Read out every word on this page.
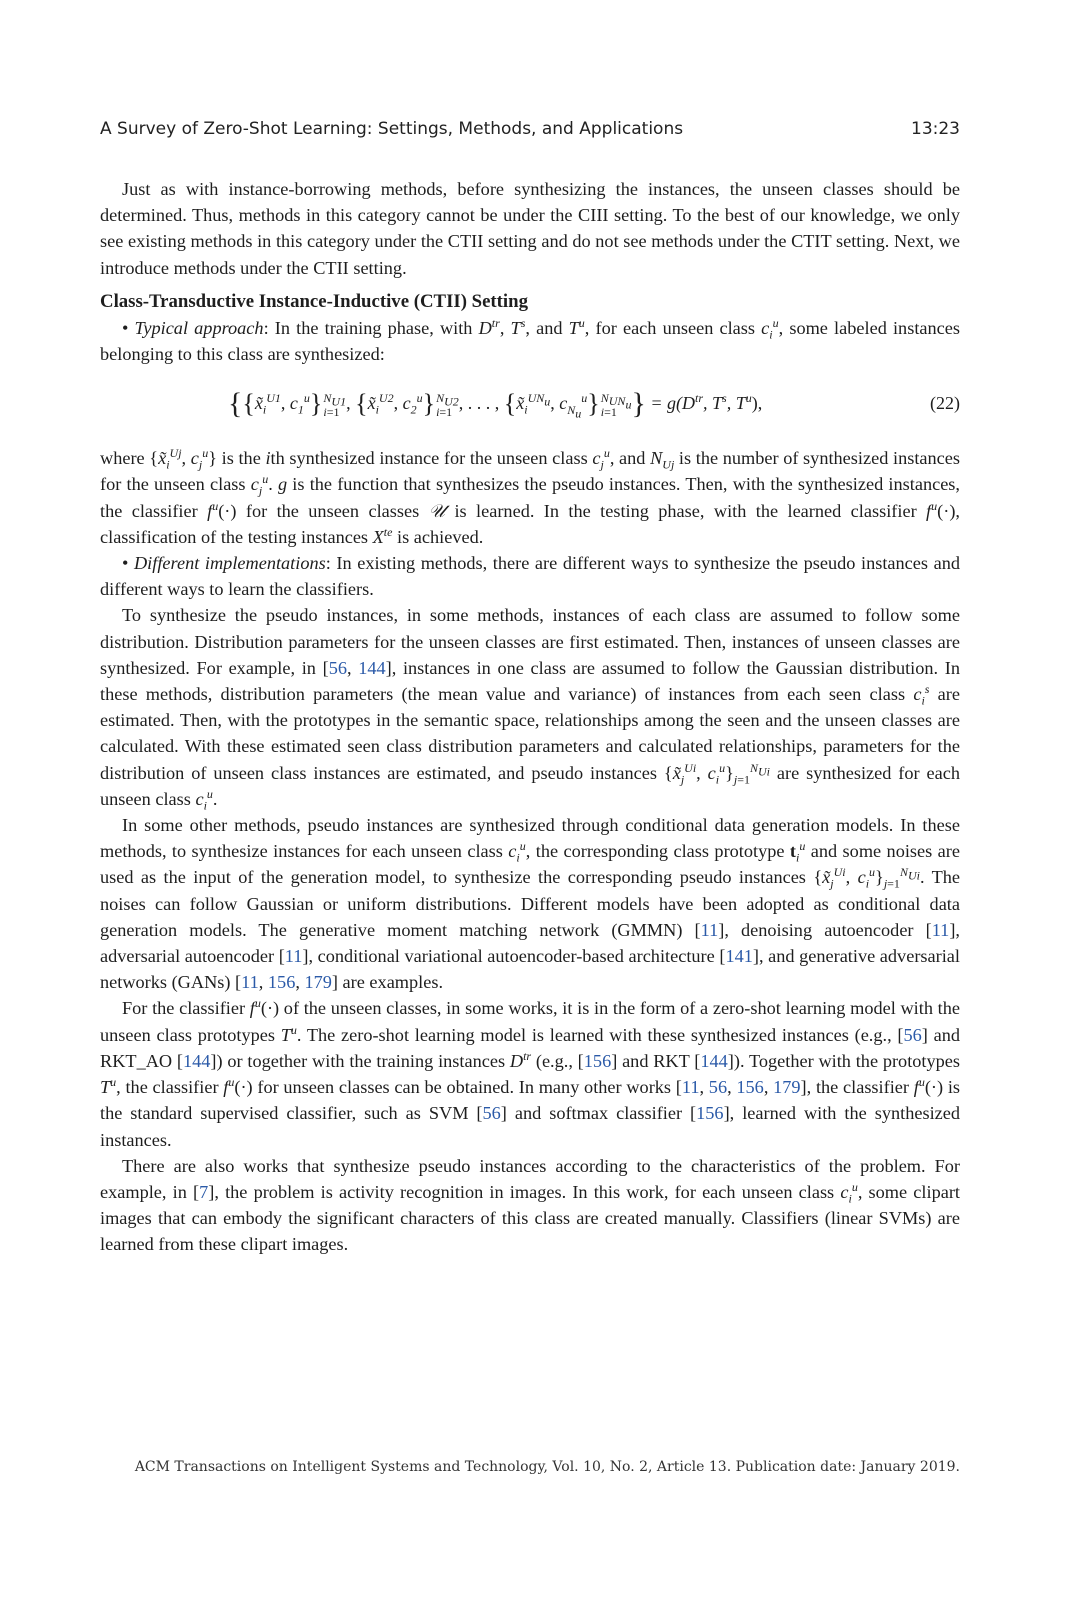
A Survey of Zero-Shot Learning: Settings, Methods, and Applications	13:23

Just as with instance-borrowing methods, before synthesizing the instances, the unseen classes should be determined. Thus, methods in this category cannot be under the CIII setting. To the best of our knowledge, we only see existing methods in this category under the CTII setting and do not see methods under the CTIT setting. Next, we introduce methods under the CTII setting.

Class-Transductive Instance-Inductive (CTII) Setting

• Typical approach: In the training phase, with $D^{tr}$, $T^s$, and $T^u$, for each unseen class $c_i^u$, some labeled instances belonging to this class are synthesized:

{{$x̃_i^{U1}$, $c_1^u\}N_{U1}$
i=1 , {$x̃_i^{U2}$, $c_2^u\}N_{U2}$
i=1 , . . . , {$x̃_i^{UN_u}$, $c_{N_u}^u\}N_{UN_u}$
i=1 } = $g(D^{tr}$, $T^s$, $T^u$),	(22)

where {$x̃_i^{Uj}$, $c_j^u$} is the ith synthesized instance for the unseen class $c_j^u$, and $N_{Uj}$ is the number of synthesized instances for the unseen class $c_j^u$. g is the function that synthesizes the pseudo instances. Then, with the synthesized instances, the classifier $f^u(\cdot)$ for the unseen classes 𝒰 is learned. In the testing phase, with the learned classifier $f^u(\cdot)$, classification of the testing instances $X^{te}$ is achieved.

• Different implementations: In existing methods, there are different ways to synthesize the pseudo instances and different ways to learn the classifiers.

To synthesize the pseudo instances, in some methods, instances of each class are assumed to follow some distribution. Distribution parameters for the unseen classes are first estimated. Then, instances of unseen classes are synthesized. For example, in [56, 144], instances in one class are assumed to follow the Gaussian distribution. In these methods, distribution parameters (the mean value and variance) of instances from each seen class $c_i^s$ are estimated. Then, with the prototypes in the semantic space, relationships among the seen and the unseen classes are calculated. With these estimated seen class distribution parameters and calculated relationships, parameters for the distribution of unseen class instances are estimated, and pseudo instances {$x̃_j^{Ui}$, $c_i^u\}_{j=1}^{N_{Ui}}$ are synthesized for each unseen class $c_i^u$.

In some other methods, pseudo instances are synthesized through conditional data generation models. In these methods, to synthesize instances for each unseen class $c_i^u$, the corresponding class prototype $t_i^u$ and some noises are used as the input of the generation model, to synthesize the corresponding pseudo instances {$x̃_j^{Ui}$, $c_i^u\}_{j=1}^{N_{Ui}}$. The noises can follow Gaussian or uniform distributions. Different models have been adopted as conditional data generation models. The generative moment matching network (GMMN) [11], denoising autoencoder [11], adversarial autoencoder [11], conditional variational autoencoder-based architecture [141], and generative adversarial networks (GANs) [11, 156, 179] are examples.

For the classifier $f^u(\cdot)$ of the unseen classes, in some works, it is in the form of a zero-shot learning model with the unseen class prototypes $T^u$. The zero-shot learning model is learned with these synthesized instances (e.g., [56] and RKT_AO [144]) or together with the training instances $D^{tr}$ (e.g., [156] and RKT [144]). Together with the prototypes $T^u$, the classifier $f^u(\cdot)$ for unseen classes can be obtained. In many other works [11, 56, 156, 179], the classifier $f^u(\cdot)$ is the standard supervised classifier, such as SVM [56] and softmax classifier [156], learned with the synthesized instances.

There are also works that synthesize pseudo instances according to the characteristics of the problem. For example, in [7], the problem is activity recognition in images. In this work, for each unseen class $c_i^u$, some clipart images that can embody the significant characters of this class are created manually. Classifiers (linear SVMs) are learned from these clipart images.

ACM Transactions on Intelligent Systems and Technology, Vol. 10, No. 2, Article 13. Publication date: January 2019.
